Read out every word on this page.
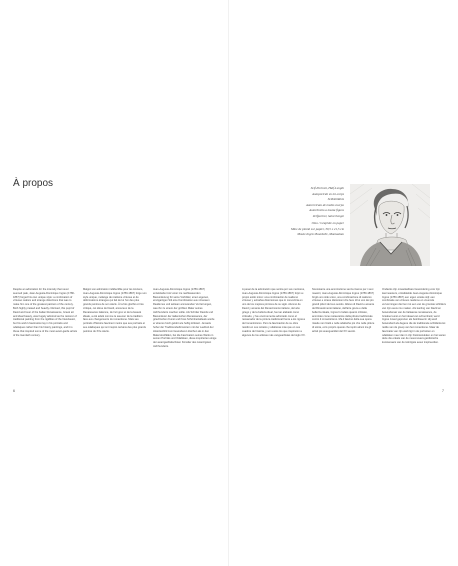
À propos

Despite an admiration for the intensity that never seemed pale, Jean-Auguste-Dominique Ingres (1780-1867) forged his own unique style: a combination of virtuoso realism and strange distortions that was to make him one of the greatest painters of the century. Both highly praised and heavily criticised, this pupil of David and lover of the Italian Renaissance, Greek art and ideal beauty, was hugely admired as the restorer of traditional painting from the rigidities of the Neoclassic, but his work's fascination lay in his portraits and odalisques rather than his history paintings, and it is these that inspired some of the most avant-garde artists of the twentieth century.

Malgré son admiration indéfectible pour les Anciens, Jean-Auguste-Dominique Ingres (1780-1867) forge son style unique, mélange de réalisme virtuose et de déformations étranges qui fait de lui l'un des plus grands peintres de son siècle. À la fois glorifié et très critiqué, cet élève de David, amoureux de la Renaissance italienne, de l'art grec et de la beauté idéale, a été adulé comme le sauveur de la tradition face aux changements du romantisme. Mais ses portraits d'histoire fascinent moins que ses portraits et ses odalisques qui ont inspiré certains des plus grands peintres du XXe siècle.

Jean-Auguste-Dominique Ingres (1780-1867) entwickelte trotz einer nie nachlassenden Bewunderung für seine Vorbilder, einen eigenen, einzigartigen Stil eine Kombination aus virtuosem Realismus und seltsam anmutenden Verzerrungen, was ihn zu einem der größten Maler seines Jahrhunderts machen sollte. Als Schüler Davids und Bewunderer der italienischen Renaissance, der griechischen Kunst und ihres Schönheitsideals wurde er ebenso hoch gelobt wie heftig kritisiert. Jenseits hoher der Traditionsbefürwortern mit der Laufzeit der Historienbild zum besonderen Zeichen als in den Malerstreitfällen, bei die Faszination seines Werks in seinen Porträts und Odalisken, diese inspirierten einige der avantgardistischsten Künstler des zwanzigsten Jahrhunderts.

6
Self-Portrait, Half-Length
Autoportrait en mi-corps
Selbstbildnis
Autorretrato de medio cuerpo
Autoritratto a mezza figura
Zelfportret, halverlengte
Oleo / Graphite on paper
Mine de plomb sur papier, 30,5 x 21,5 cm
Musée Ingres Bourdelle, Montauban

A pesar de la admiración que sentía por sus mentores, Jean-Auguste-Dominique Ingres (1780-1867) forjó su propio estilo único: una combinación de realismo virtuoso y extrañas distorsiones que lo convertiría en uno de los mejores pintores de su siglo. Alumno de David y amante del Renacimiento italiano, del arte griego y de la belleza ideal, fue tan alabado como criticado, y fue enormemente admirado como el restaurador de la pintura tradicional frente a los rigores del romanticismo. Pero la fascinación de su obra residió en sus retratos y odaliscas más que en sus cuadros de historia, y son estos los que inspiraron a algunos de los artistas más vanguardistas del siglo XX.

Nonostante una ammirazione senza riserve per i suoi maestri, Jean-Auguste-Dominique Ingres (1780-1867) forgiò uno stile unico, una combinazione di realismo virtuoso e strane distorsioni che fece di lui uno dei più grandi pittori del suo secolo. Allievo di David e amante del Rinascimento italiano, dell'arte greca e della bellezza ideale, Ingres fu lodato quanto criticato, ammirato come restauratore della pittura tradizionale contro il romanticismo. Ma il fascino della sua opera risiede nei ritratti e nelle odalische più che nelle pitture di storia, ed è proprio questo che ispirò alcuni tra gli artisti più avanguardisti del XX secolo.

Ondanks zijn onwankelbare bewondering voor zijn leermeesters, ontwikkelde Jean-Auguste-Dominique Ingres (1780-1867) een eigen unieke stijl: een combinatie van virtuoos realisme en vreemde vervormingen die hem tot een van de grootste schilders van zijn eeuw zou maken. Als leerling van David en bewonderaar van de Italiaanse renaissance, de Griekse kunst en het ideaal van schoonheid, werd Ingres zowel geprezen als bekritiseerd. Hij werd bewonderd als degene die de traditionele schilderkunst redde van de greep van het romantisme. Maar de fascinatie van zijn werk ligt in de portretten en odalisken meer dan in zijn historiestukken en het waren deze die enkele van de meest avant-gardistische kunstenaars van de twintigste eeuw inspireerden.

7
